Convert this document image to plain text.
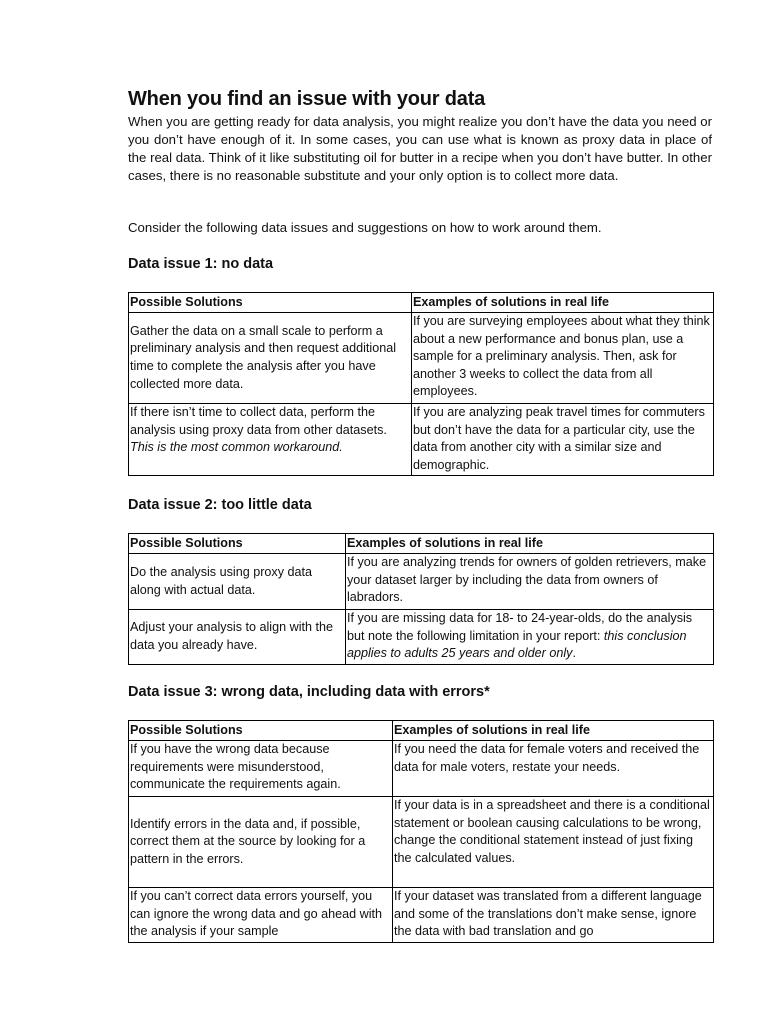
When you find an issue with your data

When you are getting ready for data analysis, you might realize you don’t have the data you need or you don’t have enough of it. In some cases, you can use what is known as proxy data in place of the real data. Think of it like substituting oil for butter in a recipe when you don’t have butter. In other cases, there is no reasonable substitute and your only option is to collect more data.

Consider the following data issues and suggestions on how to work around them.

Data issue 1: no data
Possible Solutions	Examples of solutions in real life
Gather the data on a small scale to perform a preliminary analysis and then request additional time to complete the analysis after you have collected more data.	If you are surveying employees about what they think about a new performance and bonus plan, use a sample for a preliminary analysis. Then, ask for another 3 weeks to collect the data from all employees.
If there isn’t time to collect data, perform the analysis using proxy data from other datasets. This is the most common workaround.	If you are analyzing peak travel times for commuters but don’t have the data for a particular city, use the data from another city with a similar size and demographic.
Data issue 2: too little data
Possible Solutions	Examples of solutions in real life
Do the analysis using proxy data along with actual data.	If you are analyzing trends for owners of golden retrievers, make your dataset larger by including the data from owners of labradors.
Adjust your analysis to align with the data you already have.	If you are missing data for 18- to 24-year-olds, do the analysis but note the following limitation in your report: this conclusion applies to adults 25 years and older only.
Data issue 3: wrong data, including data with errors*
Possible Solutions	Examples of solutions in real life
If you have the wrong data because requirements were misunderstood, communicate the requirements again.	If you need the data for female voters and received the data for male voters, restate your needs.
Identify errors in the data and, if possible, correct them at the source by looking for a pattern in the errors.	If your data is in a spreadsheet and there is a conditional statement or boolean causing calculations to be wrong, change the conditional statement instead of just fixing the calculated values.
If you can’t correct data errors yourself, you can ignore the wrong data and go ahead with the analysis if your sample	If your dataset was translated from a different language and some of the translations don’t make sense, ignore the data with bad translation and go
